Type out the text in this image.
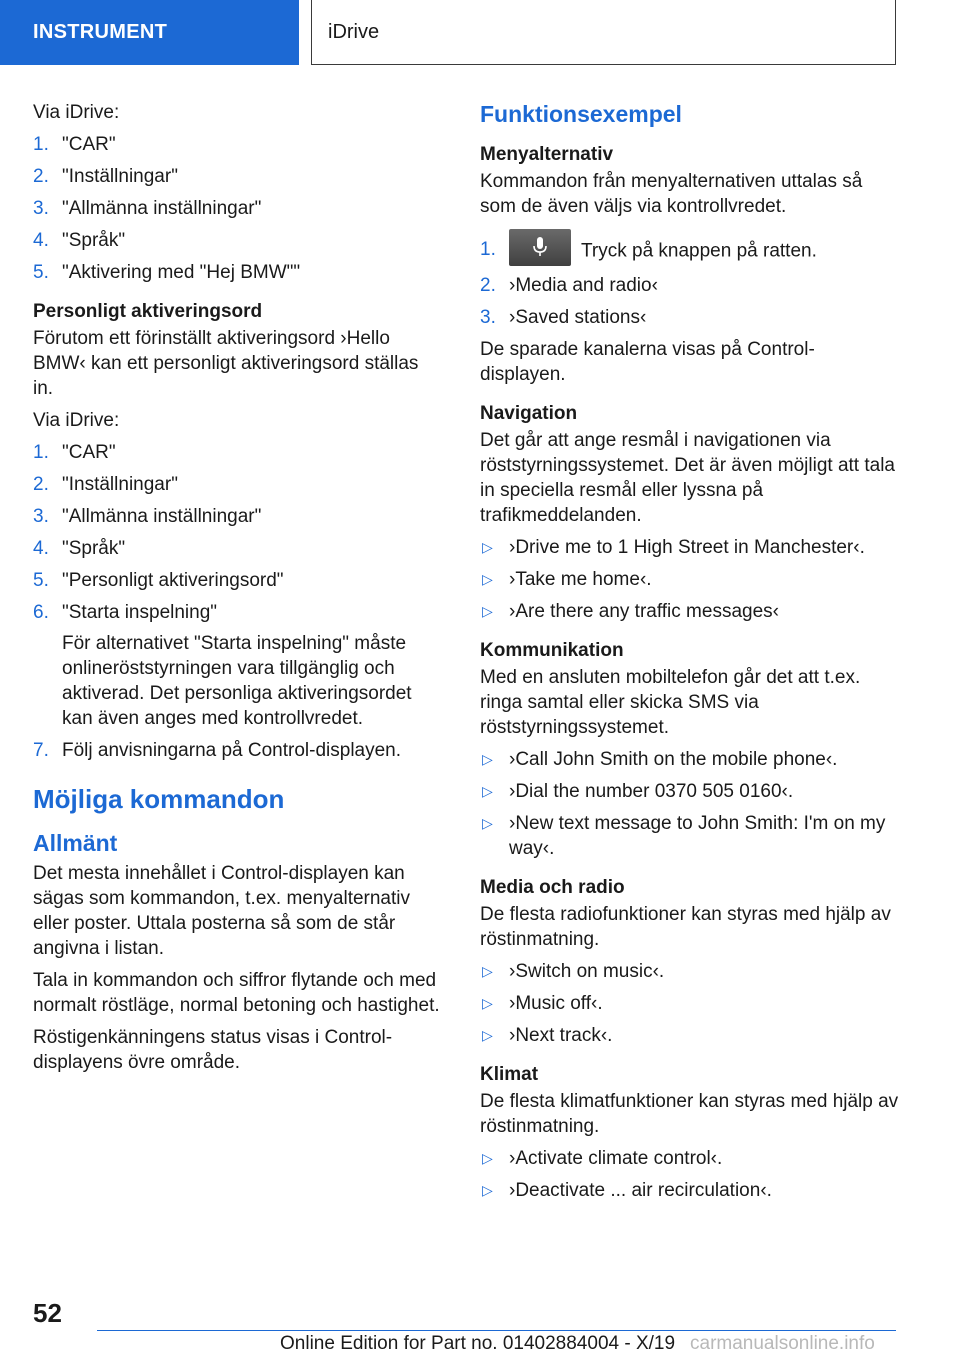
INSTRUMENT	iDrive

Via iDrive:

1. "CAR"
2. "Inställningar"
3. "Allmänna inställningar"
4. "Språk"
5. "Aktivering med "Hej BMW""
Personligt aktiveringsord

Förutom ett förinställt aktiveringsord ›Hello BMW‹ kan ett personligt aktiveringsord ställas in.

Via iDrive:

1. "CAR"
2. "Inställningar"
3. "Allmänna inställningar"
4. "Språk"
5. "Personligt aktiveringsord"
6. "Starta inspelning"
För alternativet "Starta inspelning" måste onlineröststyrningen vara tillgänglig och aktiverad. Det personliga aktiveringsordet kan även anges med kontrollvredet.
7. Följ anvisningarna på Control-displayen.
Möjliga kommandon
Allmänt

Det mesta innehållet i Control-displayen kan sägas som kommandon, t.ex. menyalternativ eller poster. Uttala posterna så som de står angivna i listan.

Tala in kommandon och siffror flytande och med normalt röstläge, normal betoning och hastighet.

Röstigenkänningens status visas i Control-displayens övre område.

Funktionsexempel
Menyalternativ

Kommandon från menyalternativen uttalas så som de även väljs via kontrollvredet.

1.	Tryck på knappen på ratten.
2. ›Media and radio‹
3. ›Saved stations‹

De sparade kanalerna visas på Control-displayen.

Navigation

Det går att ange resmål i navigationen via röststyrningssystemet. Det är även möjligt att tala in speciella resmål eller lyssna på trafikmeddelanden.

▷ ›Drive me to 1 High Street in Manchester‹.
▷ ›Take me home‹.
▷ ›Are there any traffic messages‹
Kommunikation

Med en ansluten mobiltelefon går det att t.ex. ringa samtal eller skicka SMS via röststyrningssystemet.

▷ ›Call John Smith on the mobile phone‹.
▷ ›Dial the number 0370 505 0160‹.
▷ ›New text message to John Smith: I'm on my way‹.
Media och radio

De flesta radiofunktioner kan styras med hjälp av röstinmatning.

▷ ›Switch on music‹.
▷ ›Music off‹.
▷ ›Next track‹.
Klimat

De flesta klimatfunktioner kan styras med hjälp av röstinmatning.

▷ ›Activate climate control‹.
▷ ›Deactivate ... air recirculation‹.
52
Online Edition for Part no. 01402884004 - X/19 carmanualsonline.info
